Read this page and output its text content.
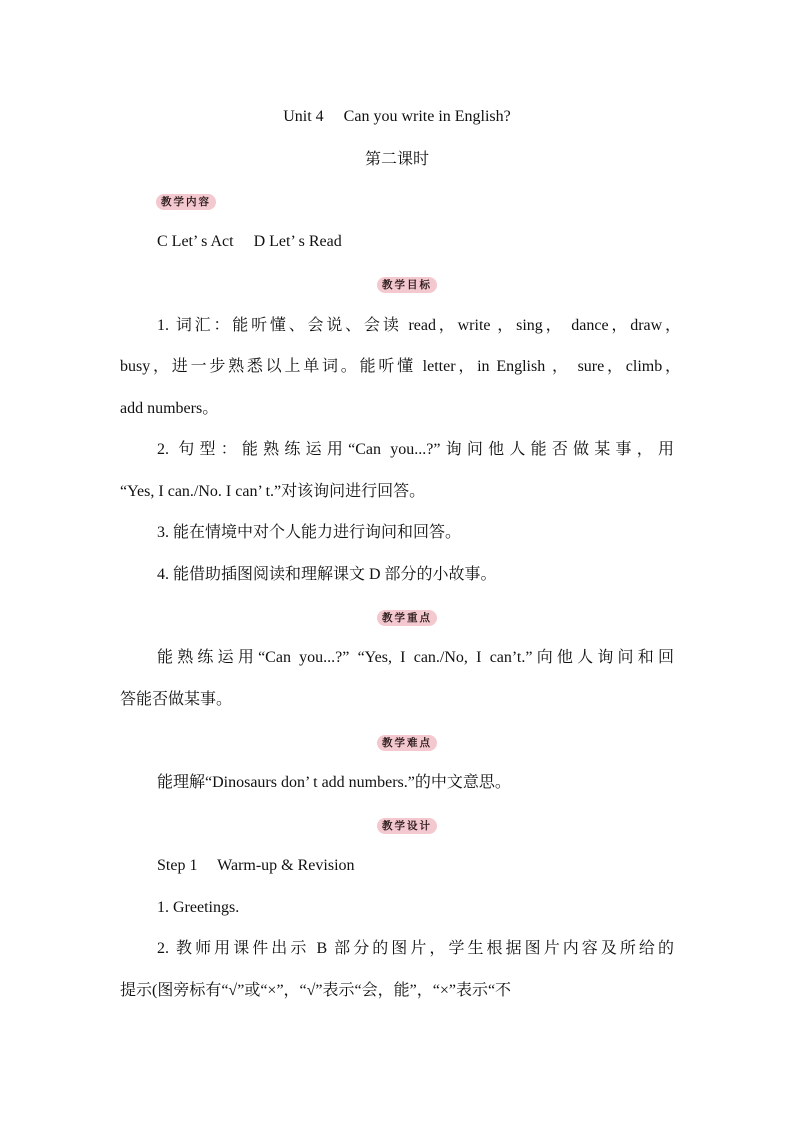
Unit 4　 Can you write in English?
第二课时
教学内容
C Let’ s Act　 D Let’ s Read
教学目标
1. 词汇：能听懂、会说、会读 read，write ，sing， dance，draw，
busy，进一步熟悉以上单词。能听懂 letter，in English ， sure，climb，
add numbers。
2. 句型：能熟练运用“Can you...?”询问他人能否做某事，用
“Yes, I can./No. I can’ t.”对该询问进行回答。
3. 能在情境中对个人能力进行询问和回答。
4. 能借助插图阅读和理解课文 D 部分的小故事。
教学重点
能熟练运用“Can you...?” “Yes, I can./No, I can’t.”向他人询问和回
答能否做某事。
教学难点
能理解“Dinosaurs don’ t add numbers.”的中文意思。
教学设计
Step 1　 Warm-up & Revision
1. Greetings.
2. 教师用课件出示 B 部分的图片，学生根据图片内容及所给的
提示(图旁标有“√”或“×”，“√”表示“会，能”，“×”表示“不
